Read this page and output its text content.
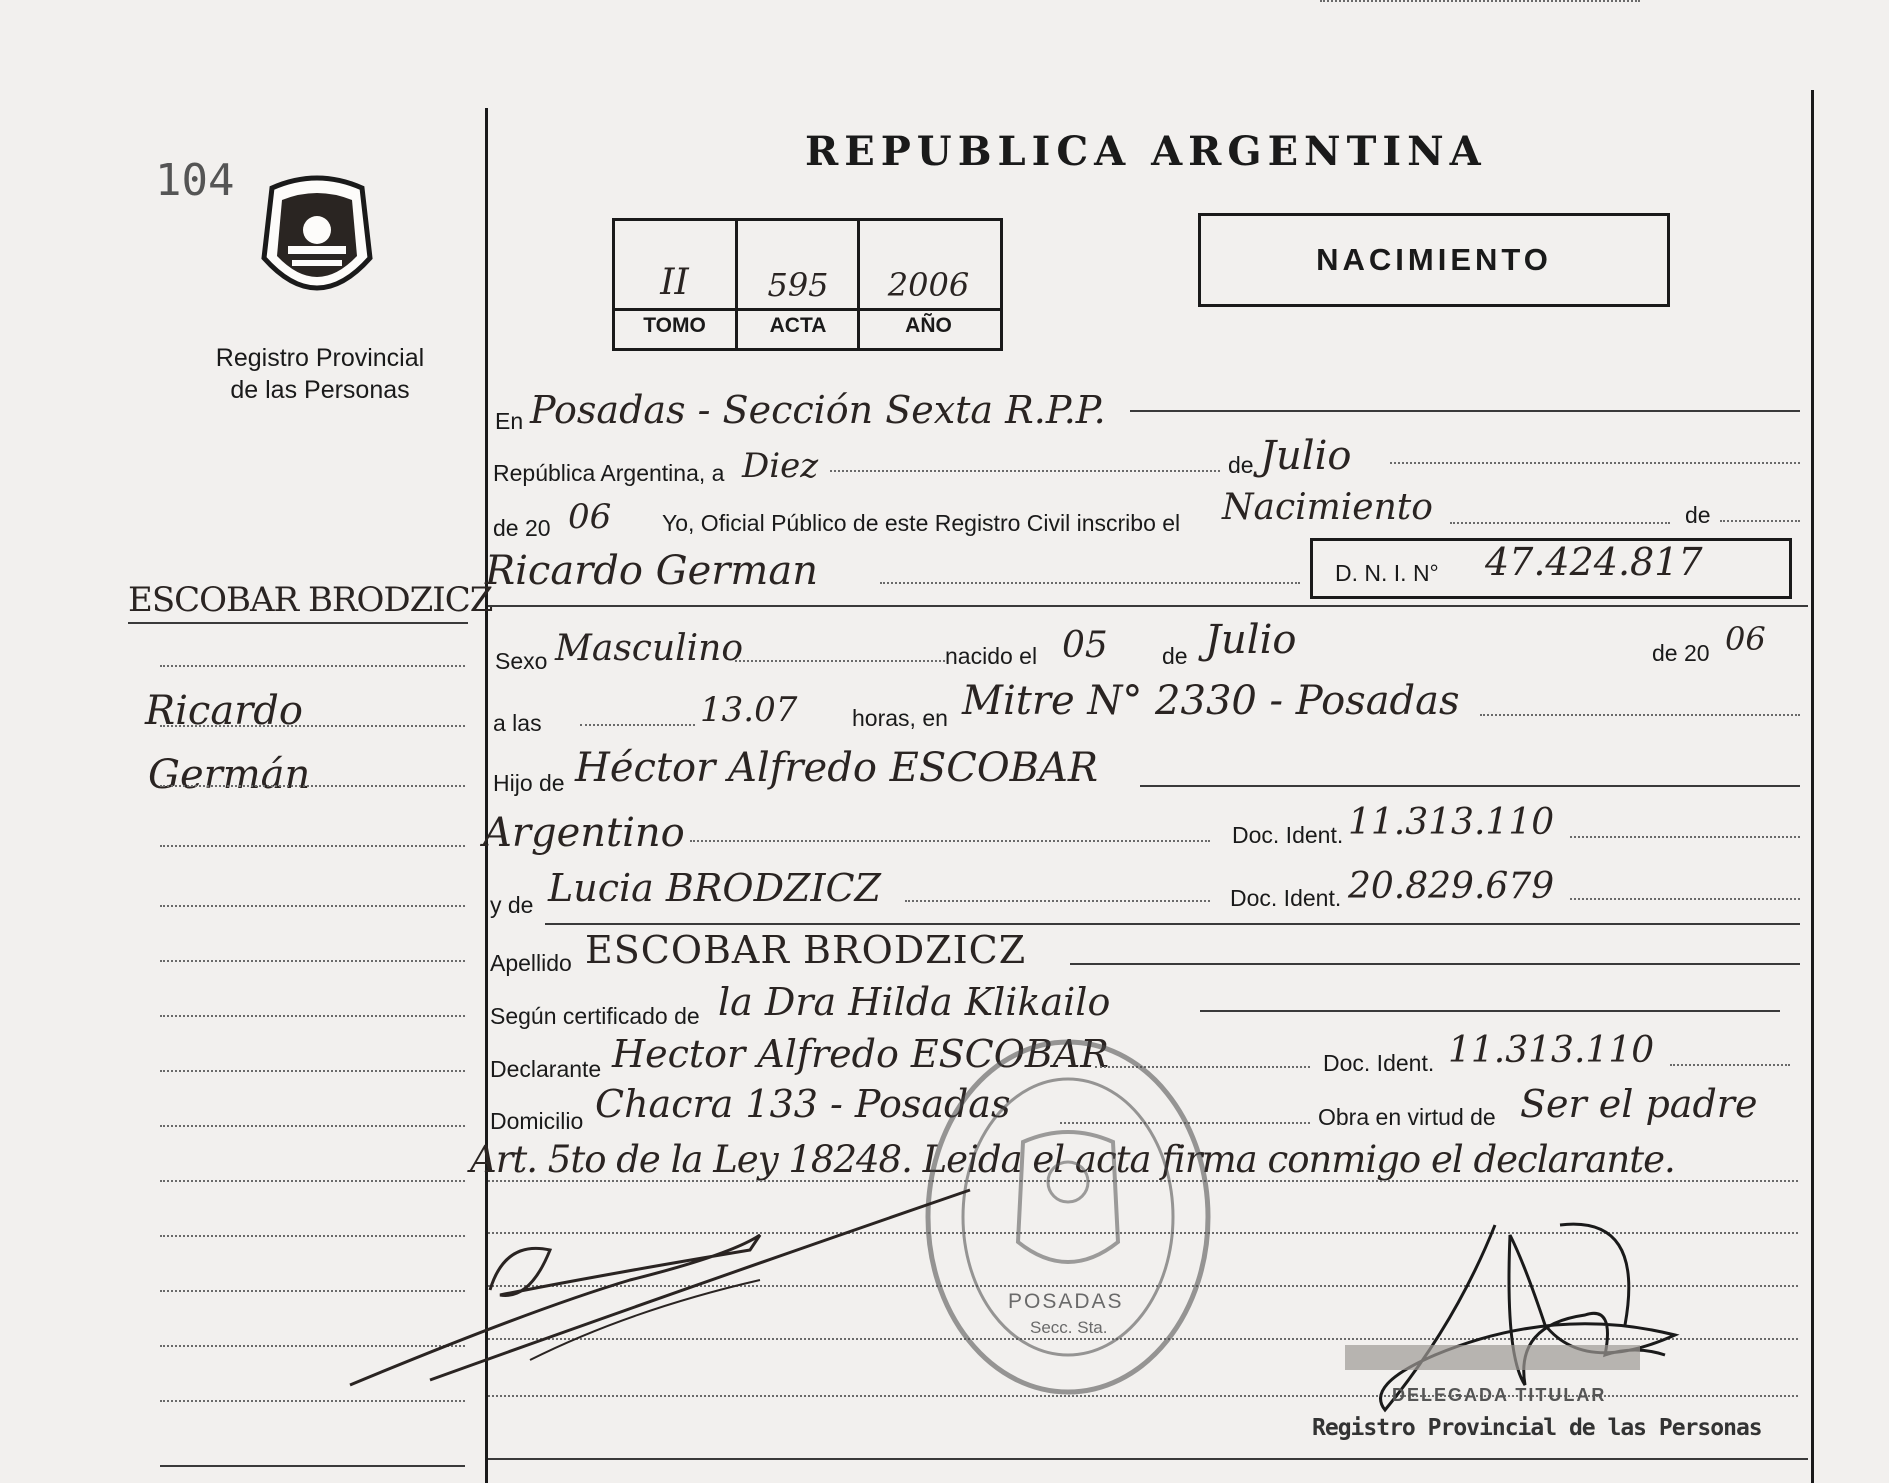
104
Registro Provincial
de las Personas
REPUBLICA ARGENTINA
II	595	2006
TOMO	ACTA	AÑO
NACIMIENTO
ESCOBAR BRODZICZ
Ricardo
Germán
En Posadas - Sección Sexta R.P.P.
República Argentina, a Diez	de Julio
de 20 06 Yo, Oficial Público de este Registro Civil inscribo el Nacimiento	de
Ricardo German	D. N. I. N° 47.424.817
Sexo Masculino	nacido el 05 de Julio	de 20 06
a las	13.07 horas, en Mitre N° 2330 - Posadas
Hijo de Héctor Alfredo ESCOBAR
Argentino	Doc. Ident. 11.313.110
y de Lucia BRODZICZ	Doc. Ident. 20.829.679
Apellido ESCOBAR BRODZICZ
Según certificado de la Dra Hilda Klikailo
Declarante Hector Alfredo ESCOBAR	Doc. Ident. 11.313.110
Domicilio Chacra 133 - Posadas	Obra en virtud de Ser el padre
Art. 5to de la Ley 18248. Leida el acta firma conmigo el declarante.
POSADAS
Secc. Sta.
DELEGADA TITULAR
Registro Provincial de las Personas
